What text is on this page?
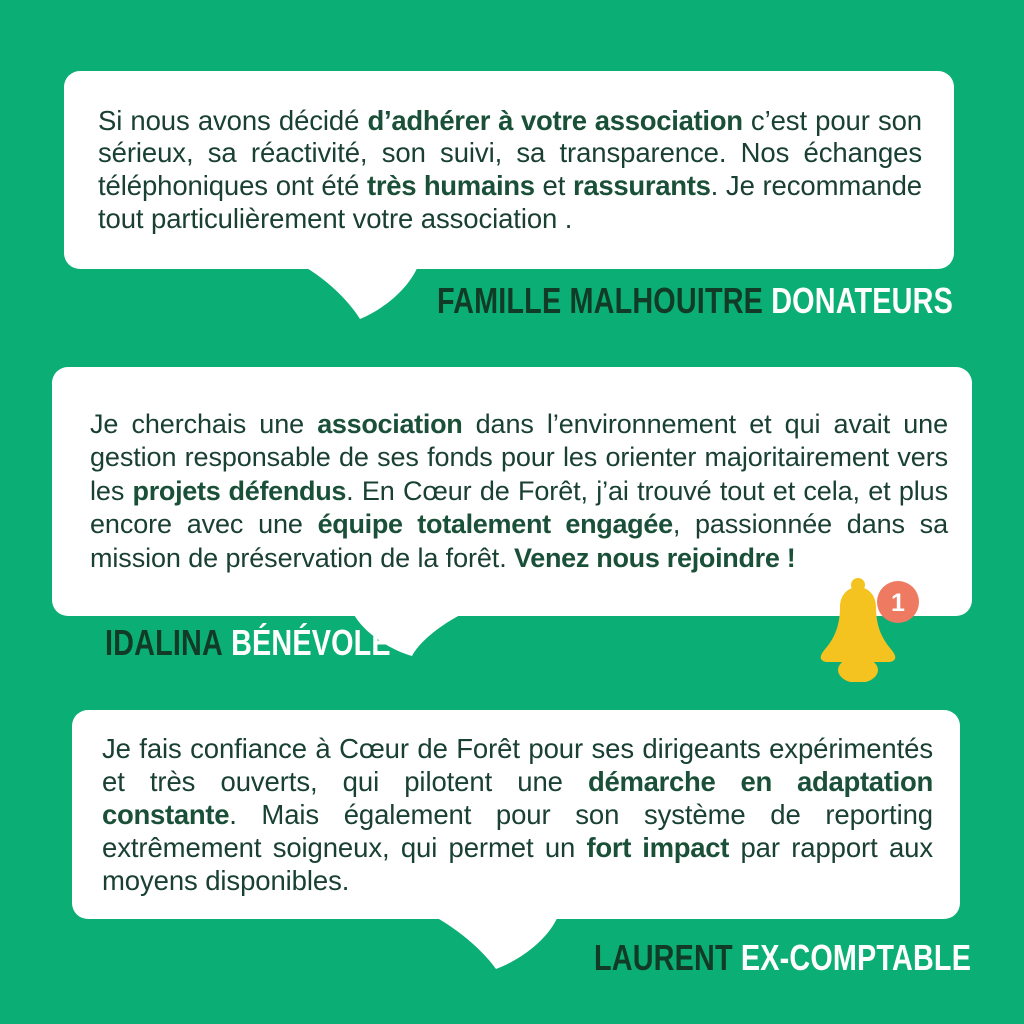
Si nous avons décidé d’adhérer à votre association c’est pour son sérieux, sa réactivité, son suivi, sa transparence. Nos échanges téléphoniques ont été très humains et rassurants. Je recommande tout particulièrement votre association .
FAMILLE MALHOUITRE DONATEURS
Je cherchais une association dans l’environnement et qui avait une gestion responsable de ses fonds pour les orienter majoritairement vers les projets défendus. En Cœur de Forêt, j’ai trouvé tout et cela, et plus encore avec une équipe totalement engagée, passionnée dans sa mission de préservation de la forêt. Venez nous rejoindre !
IDALINA BÉNÉVOLE
1
Je fais confiance à Cœur de Forêt pour ses dirigeants expérimentés et très ouverts, qui pilotent une démarche en adaptation constante. Mais également pour son système de reporting extrêmement soigneux, qui permet un fort impact par rapport aux moyens disponibles.
LAURENT EX-COMPTABLE
